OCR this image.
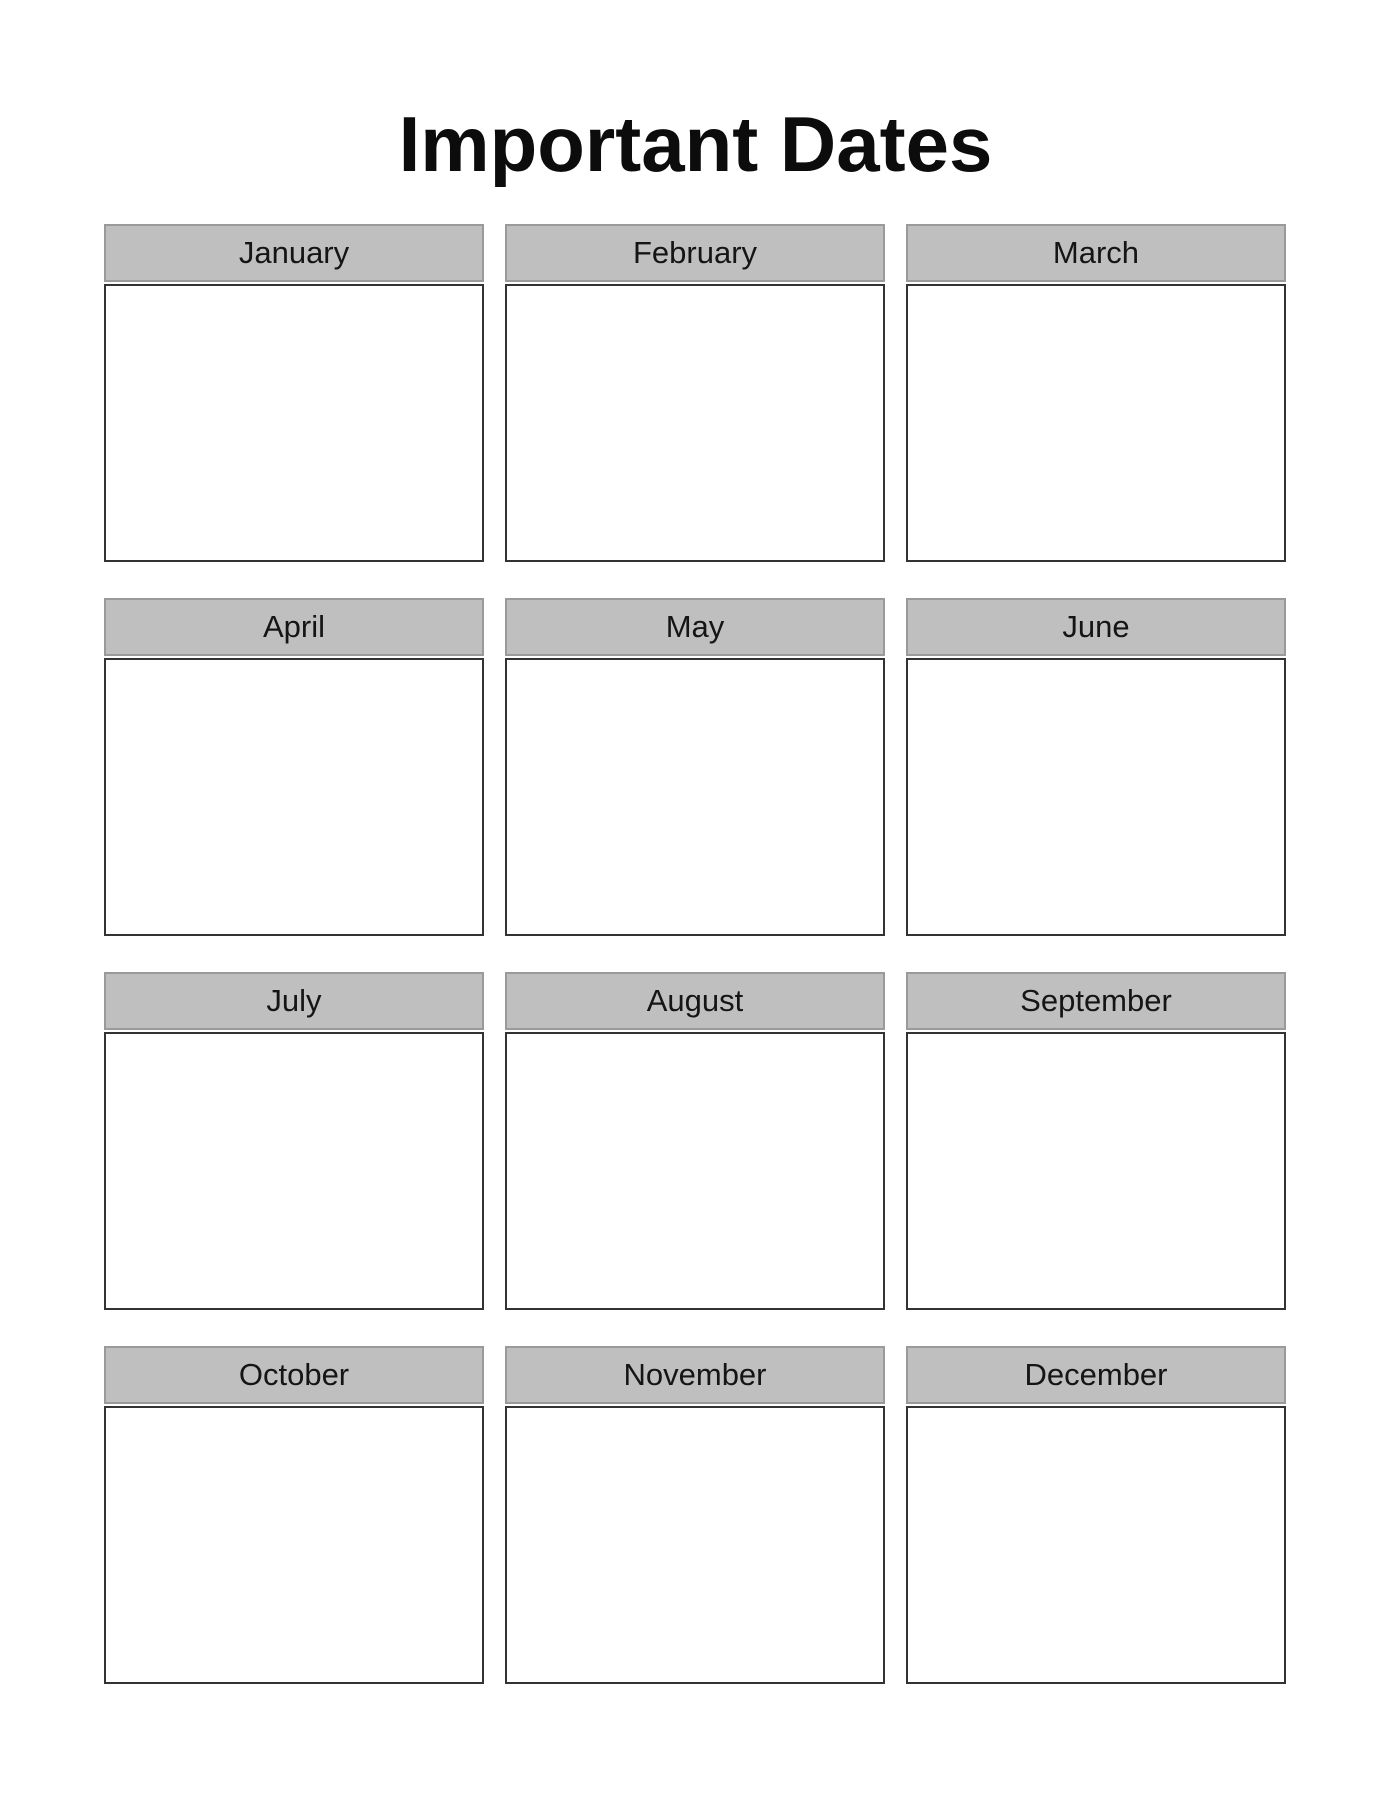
Important Dates
January	February	March
April	May	June
July	August	September
October	November	December
